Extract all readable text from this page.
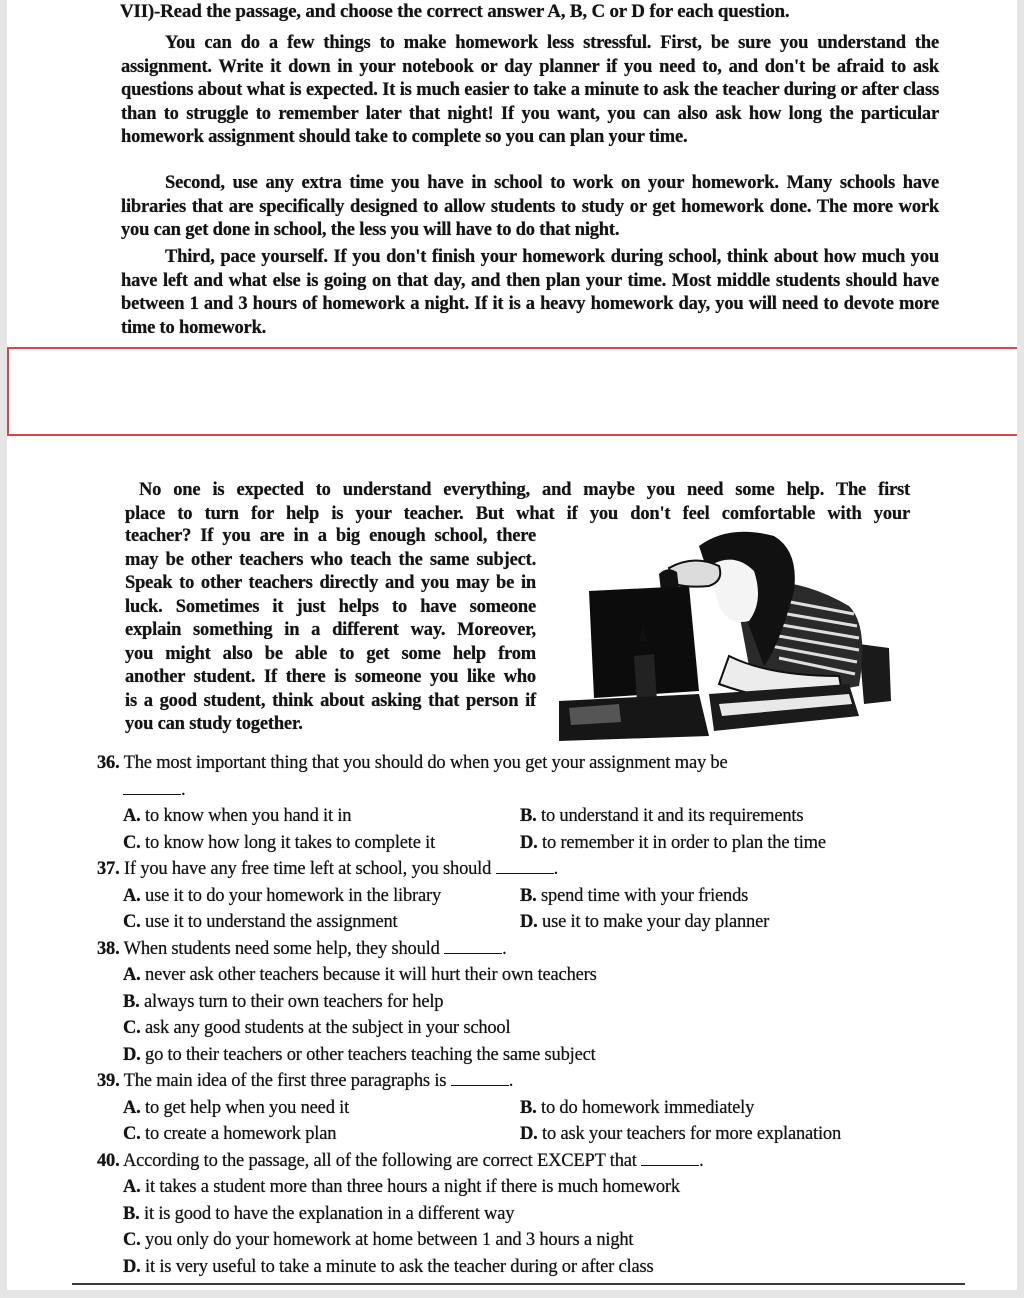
VII)-Read the passage, and choose the correct answer A, B, C or D for each question.

You can do a few things to make homework less stressful. First, be sure you understand the assignment. Write it down in your notebook or day planner if you need to, and don't be afraid to ask questions about what is expected. It is much easier to take a minute to ask the teacher during or after class than to struggle to remember later that night! If you want, you can also ask how long the particular homework assignment should take to complete so you can plan your time.

Second, use any extra time you have in school to work on your homework. Many schools have libraries that are specifically designed to allow students to study or get homework done. The more work you can get done in school, the less you will have to do that night.

Third, pace yourself. If you don't finish your homework during school, think about how much you have left and what else is going on that day, and then plan your time. Most middle students should have between 1 and 3 hours of homework a night. If it is a heavy homework day, you will need to devote more time to homework.

No one is expected to understand everything, and maybe you need some help. The first
place to turn for help is your teacher. But what if you don't feel comfortable with your
teacher? If you are in a big enough school, there
may be other teachers who teach the same subject.
Speak to other teachers directly and you may be in
luck. Sometimes it just helps to have someone
explain something in a different way. Moreover,
you might also be able to get some help from
another student. If there is someone you like who
is a good student, think about asking that person if
you can study together.
36. The most important thing that you should do when you get your assignment may be
.
A. to know when you hand it in	B. to understand it and its requirements
C. to know how long it takes to complete it	D. to remember it in order to plan the time
37. If you have any free time left at school, you should	.
A. use it to do your homework in the library	B. spend time with your friends
C. use it to understand the assignment	D. use it to make your day planner
38. When students need some help, they should	.
A. never ask other teachers because it will hurt their own teachers
B. always turn to their own teachers for help
C. ask any good students at the subject in your school
D. go to their teachers or other teachers teaching the same subject
39. The main idea of the first three paragraphs is	.
A. to get help when you need it	B. to do homework immediately
C. to create a homework plan	D. to ask your teachers for more explanation
40. According to the passage, all of the following are correct EXCEPT that	.
A. it takes a student more than three hours a night if there is much homework
B. it is good to have the explanation in a different way
C. you only do your homework at home between 1 and 3 hours a night
D. it is very useful to take a minute to ask the teacher during or after class
